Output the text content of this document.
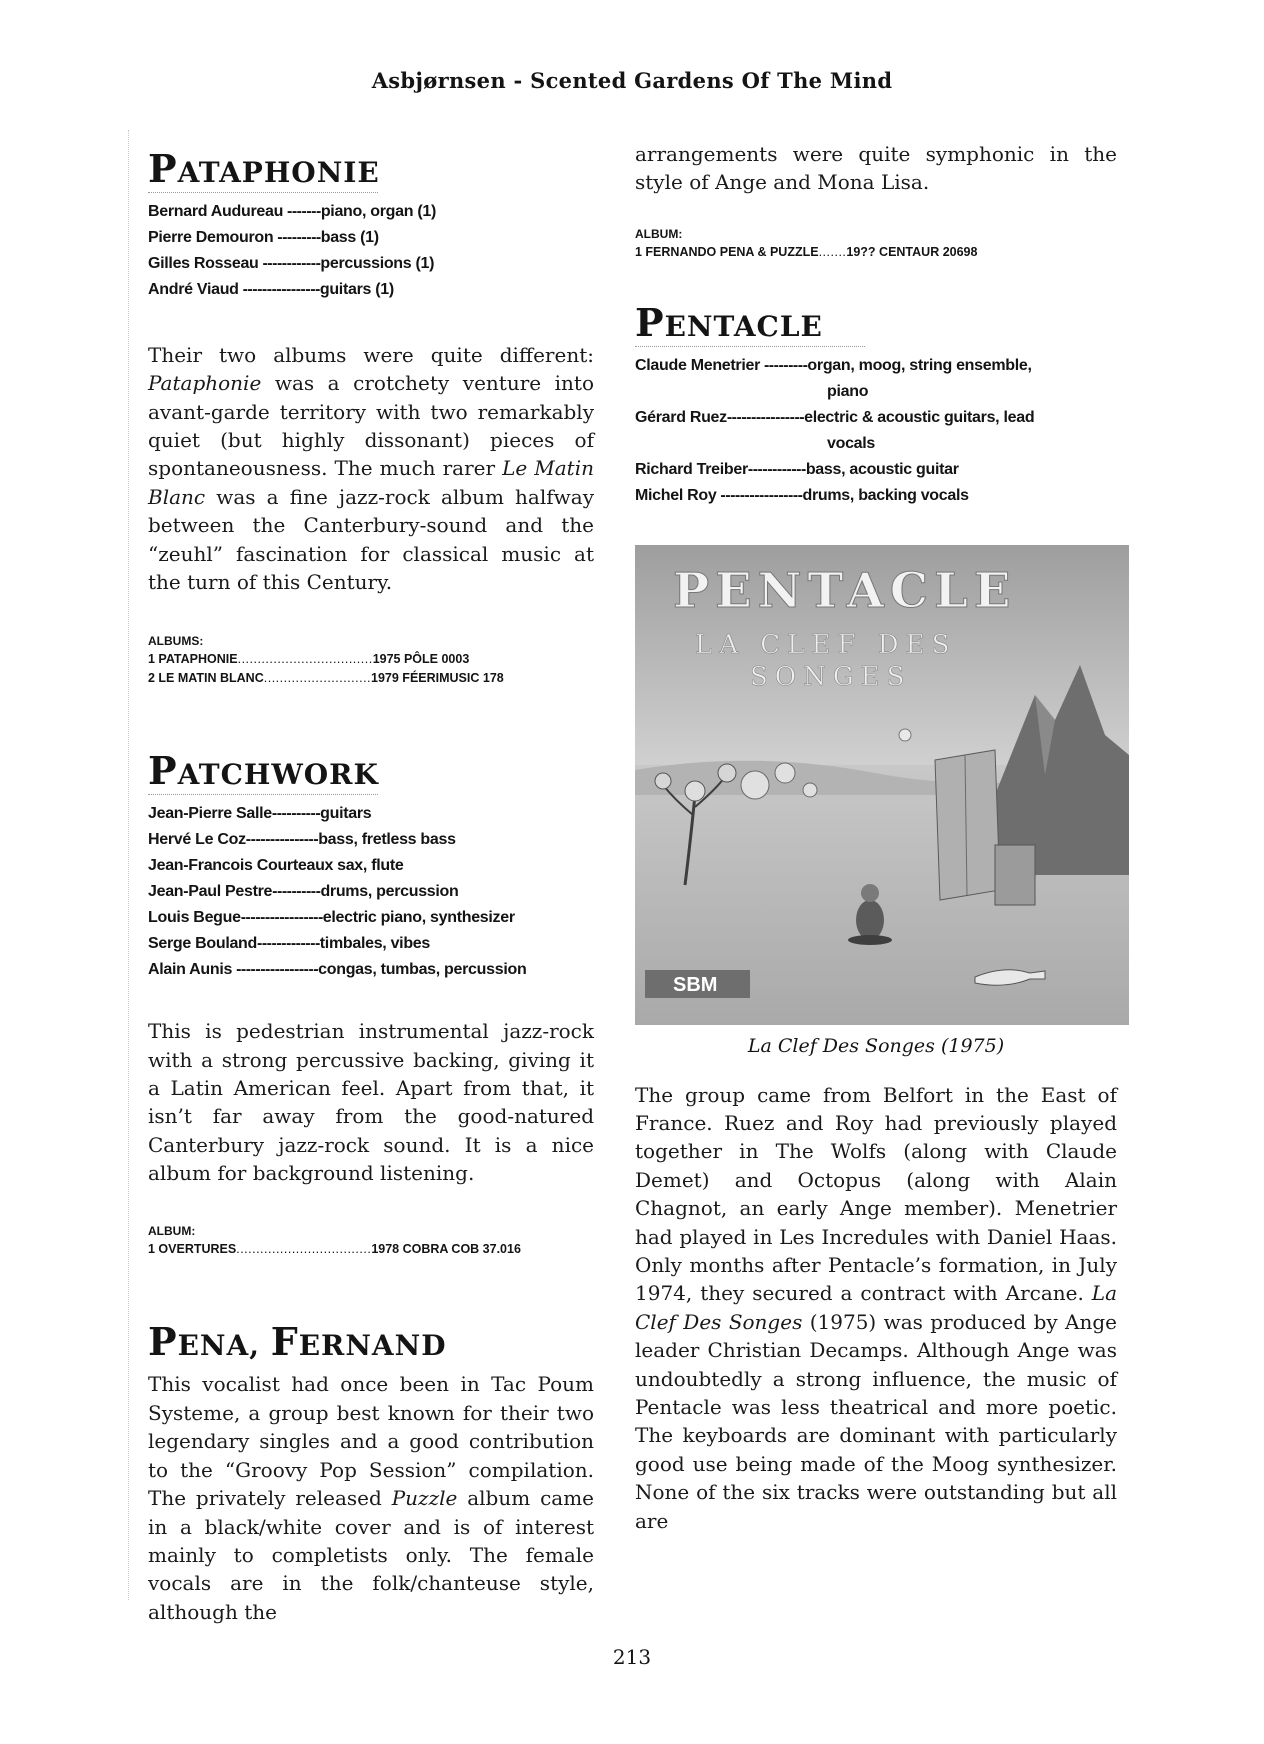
Asbjørnsen - Scented Gardens Of The Mind
PATAPHONIE
Bernard Audureau -------piano, organ (1)
Pierre Demouron ---------bass (1)
Gilles Rosseau ------------percussions (1)
André Viaud ----------------guitars (1)

Their two albums were quite different: Pataphonie was a crotchety venture into avant-garde territory with two remarkably quiet (but highly dissonant) pieces of spontaneousness. The much rarer Le Matin Blanc was a fine jazz-rock album halfway between the Canterbury-sound and the “zeuhl” fascination for classical music at the turn of this Century.

ALBUMS:
1 PATAPHONIE..................................1975 PÔLE 0003
2 LE MATIN BLANC...........................1979 FÉERIMUSIC 178
PATCHWORK
Jean-Pierre Salle----------guitars
Hervé Le Coz---------------bass, fretless bass
Jean-Francois Courteaux sax, flute
Jean-Paul Pestre----------drums, percussion
Louis Begue-----------------electric piano, synthesizer
Serge Bouland-------------timbales, vibes
Alain Aunis -----------------congas, tumbas, percussion

This is pedestrian instrumental jazz-rock with a strong percussive backing, giving it a Latin American feel. Apart from that, it isn’t far away from the good-natured Canterbury jazz-rock sound. It is a nice album for background listening.

ALBUM:
1 OVERTURES..................................1978 COBRA COB 37.016
PENA, FERNAND

This vocalist had once been in Tac Poum Systeme, a group best known for their two legendary singles and a good contribution to the “Groovy Pop Session” compilation. The privately released Puzzle album came in a black/white cover and is of interest mainly to completists only. The female vocals are in the folk/chanteuse style, although the

arrangements were quite symphonic in the style of Ange and Mona Lisa.

ALBUM:
1 FERNANDO PENA & PUZZLE.......19?? CENTAUR 20698
PENTACLE
Claude Menetrier ---------organ, moog, string ensemble,
piano
Gérard Ruez----------------electric & acoustic guitars, lead
vocals
Richard Treiber------------bass, acoustic guitar
Michel Roy -----------------drums, backing vocals
PENTACLE
LA CLEF DES
SONGES
SBM
La Clef Des Songes (1975)

The group came from Belfort in the East of France. Ruez and Roy had previously played together in The Wolfs (along with Claude Demet) and Octopus (along with Alain Chagnot, an early Ange member). Menetrier had played in Les Incredules with Daniel Haas. Only months after Pentacle’s formation, in July 1974, they secured a contract with Arcane. La Clef Des Songes (1975) was produced by Ange leader Christian Decamps. Although Ange was undoubtedly a strong influence, the music of Pentacle was less theatrical and more poetic. The keyboards are dominant with particularly good use being made of the Moog synthesizer. None of the six tracks were outstanding but all are

213
